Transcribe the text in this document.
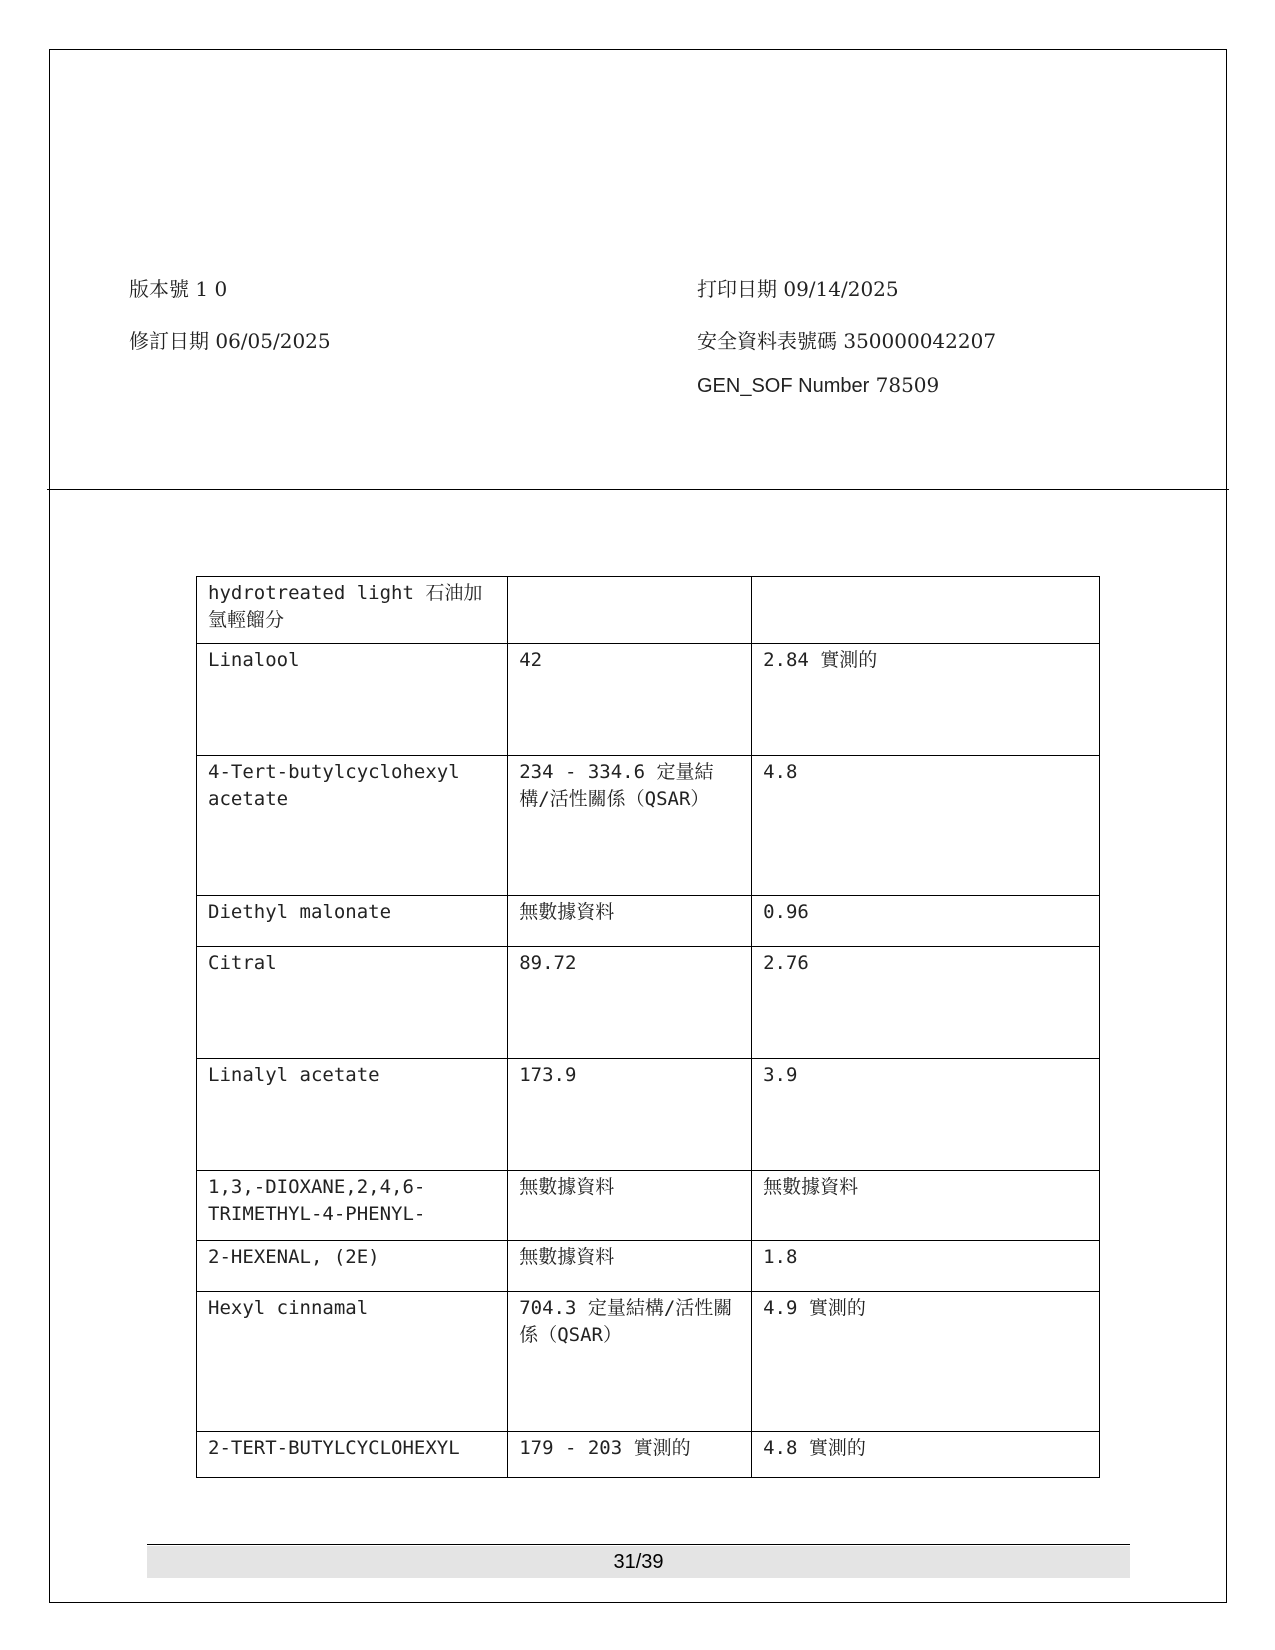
版本號 1 0
修訂日期 06/05/2025
打印日期 09/14/2025
安全資料表號碼 350000042207
GEN_SOF Number 78509
hydrotreated light 石油加氫輕餾分		
Linalool	42	2.84 實測的
4-Tert-butylcyclohexyl acetate	234 - 334.6 定量結構/活性關係（QSAR）	4.8
Diethyl malonate	無數據資料	0.96
Citral	89.72	2.76
Linalyl acetate	173.9	3.9
1,3,-DIOXANE,2,4,6-TRIMETHYL-4-PHENYL-	無數據資料	無數據資料
2-HEXENAL, (2E)	無數據資料	1.8
Hexyl cinnamal	704.3 定量結構/活性關係（QSAR）	4.9 實測的
2-TERT-BUTYLCYCLOHEXYL	179 - 203 實測的	4.8 實測的
31/39
